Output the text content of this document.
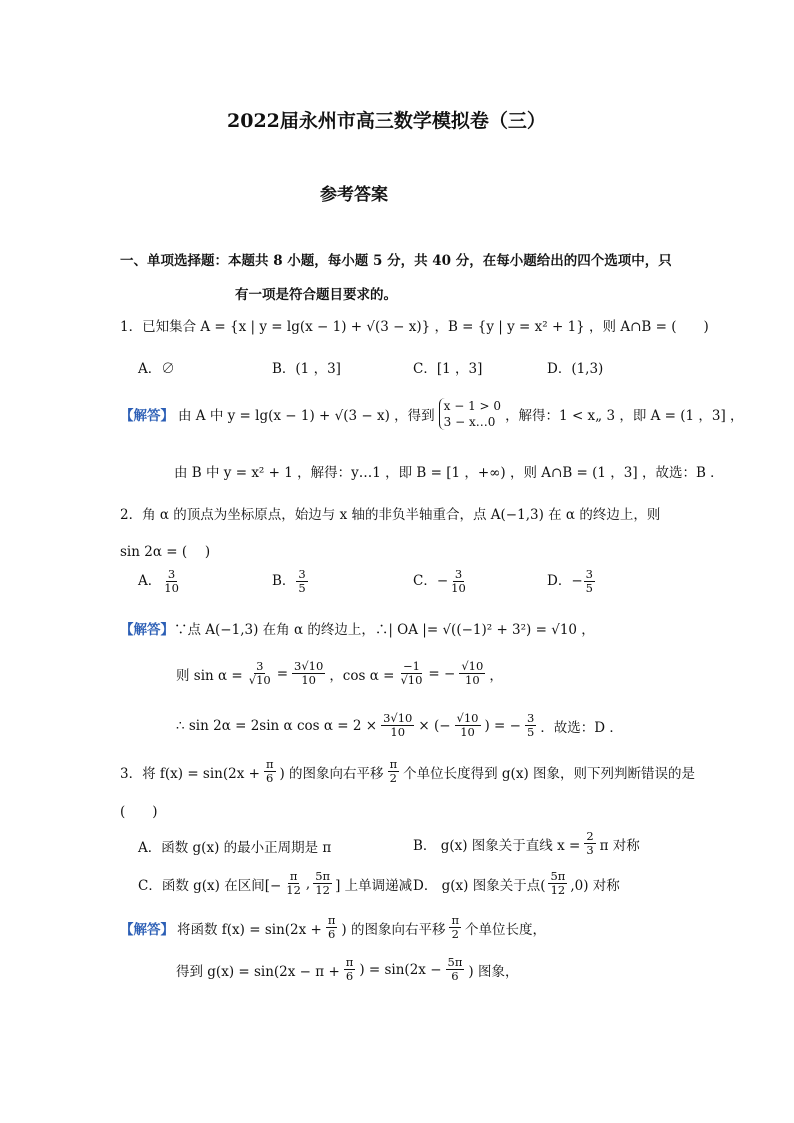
2022届永州市高三数学模拟卷（三）
参考答案
一、单项选择题：本题共 8 小题，每小题 5 分，共 40 分，在每小题给出的四个选项中，只
有一项是符合题目要求的。
1．已知集合 A = {x | y = lg(x − 1) + √(3 − x)} ，B = {y | y = x² + 1} ，则 A∩B = (　　)
A．∅	B．(1 ，3]	C．[1 ，3]	D．(1,3)
【解答】 由 A 中 y = lg(x − 1) + √(3 − x) ，得到
x − 1 > 0
3 − x…0 ，解得：1 < x„ 3 ，即 A = (1 ，3] ，
由 B 中 y = x² + 1 ，解得：y…1 ，即 B = [1 ，+∞) ，则 A∩B = (1 ，3] ，故选：B ．
2．角 α 的顶点为坐标原点，始边与 x 轴的非负半轴重合，点 A(−1,3) 在 α 的终边上，则
sin 2α = (　 )
A． $\frac{3}{10}$	B． $\frac{3}{5}$	C．− $\frac{3}{10}$	D．− $\frac{3}{5}$
【解答】∵点 A(−1,3) 在角 α 的终边上，∴| OA |= √((−1)² + 3²) = √10 ，
则 $\sin \alpha = \frac{3}{√10} = \frac{3√10}{10}$ ，$\cos \alpha = \frac{-1}{√10}$ = − $\frac{√10}{10}$ ，
∴ sin 2α = 2sin α $\cos \alpha = 2 \times \frac{3√10}{10}$ × (− $\frac{√10}{10}$ ) = − $\frac{3}{5}$ ．故选：D ．
3．将 $f(x) = \sin(2x + \frac{\pi}{6}$ ) 的图象向右平移 $\frac{\pi}{2}$ 个单位长度得到 g(x) 图象，则下列判断错误的是
(　　)
A．函数 g(x) 的最小正周期是 π	B． g(x) 图象关于直线 $x = \frac{2}{3}$ π 对称
C．函数 g(x) 在区间[− $\frac{\pi}{12}$ , $\frac{5\pi}{12}$ ] 上单调递减 D． g(x) 图象关于点( $\frac{5\pi}{12} ,0$) 对称
【解答】 将函数 $f(x) = \sin(2x + \frac{\pi}{6}$ ) 的图象向右平移 $\frac{\pi}{2}$ 个单位长度，
得到 $g(x) = \sin(2x - \pi + \frac{\pi}{6}$ ) = $\sin(2x - \frac{5\pi}{6}$ ) 图象，
